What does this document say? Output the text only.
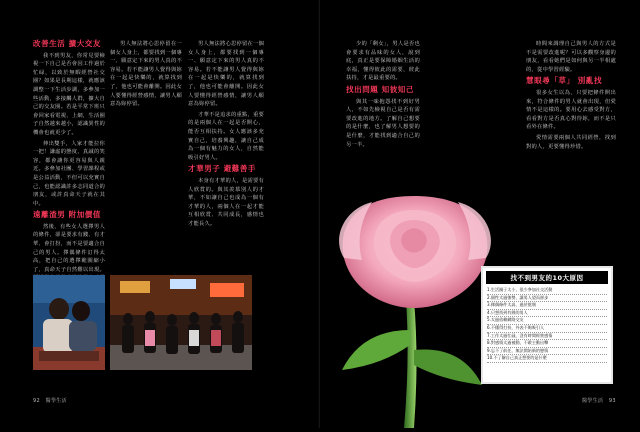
改善生活 擴大交友

我不到男友，你常見要檢視一下自己是否會因工作過於忙碌，以致於無暇經營社交圈？如果是長期這樣，就應該調整一下生活步調，多參加一些活動，多接觸人群，擴大自己的交友圈。若是平常下班只會回家看電視、上網，生活圈子自然越來越小，認識異性的機會也就更少了。

伸出雙手，人家才能拉你一把！謙虛的態度、真誠的笑容，都會讓你更容易與人親近。多參加社團、學習課程或是公益活動，不但可以充實自己，也能認識許多志同道合的朋友，或許真命天子就在其中。

遠離渣男 附加價值

然後，有些女人選擇男人的條件，卻是要求有錢、有才華、會打扮，而不是要適合自己的男人。擇偶條件訂得太高，把自己的選擇範圍縮小了，真命天子自然難以出現。

男人無法將心思停留在一個女人身上，都要找到一個專一、願意定下來的男人真的不容易。若不能讓男人覺得與妳在一起是快樂的，就算找到了，他也可能會離開。因此女人要懂得經營感情，讓男人願意為妳停留。

男人無法將心思停留在一個女人身上，都要找到一個專一、願意定下來的男人真的不容易。若不能讓男人覺得與妳在一起是快樂的，就算找到了，他也可能會離開。因此女人要懂得經營感情，讓男人願意為妳停留。

才華不是追求的重點，重要的是兩個人在一起是否開心，能否互相扶持。女人應該多充實自己，培養興趣，讓自己成為一個有魅力的女人，自然能吸引好男人。

才華男子 避難善手

本身有才華的人，是需要有人欣賞的。與其羨慕別人的才華，不如讓自己也成為一個有才華的人，兩個人在一起才能互相欣賞、共同成長，感情也才能長久。

92 醫學生活

少的「剩女」，男人是否也會要求有品味的女人，說到底，真正是要保障婚姻生活的幸福，懂得彼此的需要，彼此扶持，才是最重要的。

找出問題 知彼知己

與其一味抱怨找不到好男人，不如先檢視自己是否有需要改進的地方。了解自己想要的是什麼，也了解男人想要的是什麼，才能找到適合自己的另一半。

時間來調理自己與男人的方式是不是需要改進呢？可以多觀察身邊的朋友，看看她們是如何與另一半相處的，從中學習經驗。

慧眼尋「草」 別亂找

很多女生以為，只要把條件開出來，符合條件的男人就會出現，但愛情不是這樣的。要用心去感受對方，看看對方是否真心對待妳，而不是只看外在條件。

愛情需要兩個人共同經營，找到對的人，更要懂得珍惜。

醫學生活 93
找不到男友的10大原因
1.生活圈子太小，很少參加社交活動
2.個性太過強勢，讓男人望而卻步
3.擇偶條件太高，過於挑剔
4.只想找到有錢的男人
5.太過依賴網路交友
6.不懂得打扮，外表不夠吸引人
7.工作太過忙碌，沒有時間經營感情
8.對感情太過被動，不敢主動出擊
9.忘不了前任，無法開始新的戀情
10.不了解自己真正想要的是什麼
